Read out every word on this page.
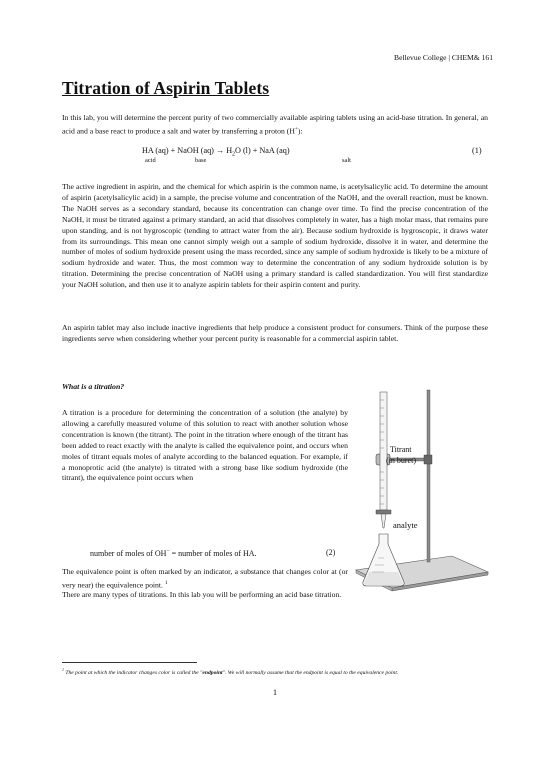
Bellevue College | CHEM& 161
Titration of Aspirin Tablets

In this lab, you will determine the percent purity of two commercially available aspiring tablets using an acid-base titration. In general, an acid and a base react to produce a salt and water by transferring a proton (H+):

HA (aq) + NaOH $(aq) \to H_2O$ (l) + NaA (aq)	(1)
acid	base	salt

The active ingredient in aspirin, and the chemical for which aspirin is the common name, is acetylsalicylic acid. To determine the amount of aspirin (acetylsalicylic acid) in a sample, the precise volume and concentration of the NaOH, and the overall reaction, must be known. The NaOH serves as a secondary standard, because its concentration can change over time. To find the precise concentration of the NaOH, it must be titrated against a primary standard, an acid that dissolves completely in water, has a high molar mass, that remains pure upon standing, and is not hygroscopic (tending to attract water from the air). Because sodium hydroxide is hygroscopic, it draws water from its surroundings. This mean one cannot simply weigh out a sample of sodium hydroxide, dissolve it in water, and determine the number of moles of sodium hydroxide present using the mass recorded, since any sample of sodium hydroxide is likely to be a mixture of sodium hydroxide and water. Thus, the most common way to determine the concentration of any sodium hydroxide solution is by titration. Determining the precise concentration of NaOH using a primary standard is called standardization. You will first standardize your NaOH solution, and then use it to analyze aspirin tablets for their aspirin content and purity.

An aspirin tablet may also include inactive ingredients that help produce a consistent product for consumers. Think of the purpose these ingredients serve when considering whether your percent purity is reasonable for a commercial aspirin tablet.

What is a titration?

A titration is a procedure for determining the concentration of a solution (the analyte) by allowing a carefully measured volume of this solution to react with another solution whose concentration is known (the titrant). The point in the titration where enough of the titrant has been added to react exactly with the analyte is called the equivalence point, and occurs when moles of titrant equals moles of analyte according to the balanced equation. For example, if a monoprotic acid (the analyte) is titrated with a strong base like sodium hydroxide (the titrant), the equivalence point occurs when

number of moles of OH− = number of moles of HA.	(2)

The equivalence point is often marked by an indicator, a substance that changes color at (or very near) the equivalence point. $^1$

There are many types of titrations. In this lab you will be performing an acid base titration.

Titrant
(in buret)
analyte
$^1$ The point at which the indicator changes color is called the "endpoint". We will normally assume that the endpoint is equal to the equivalence point.
1
